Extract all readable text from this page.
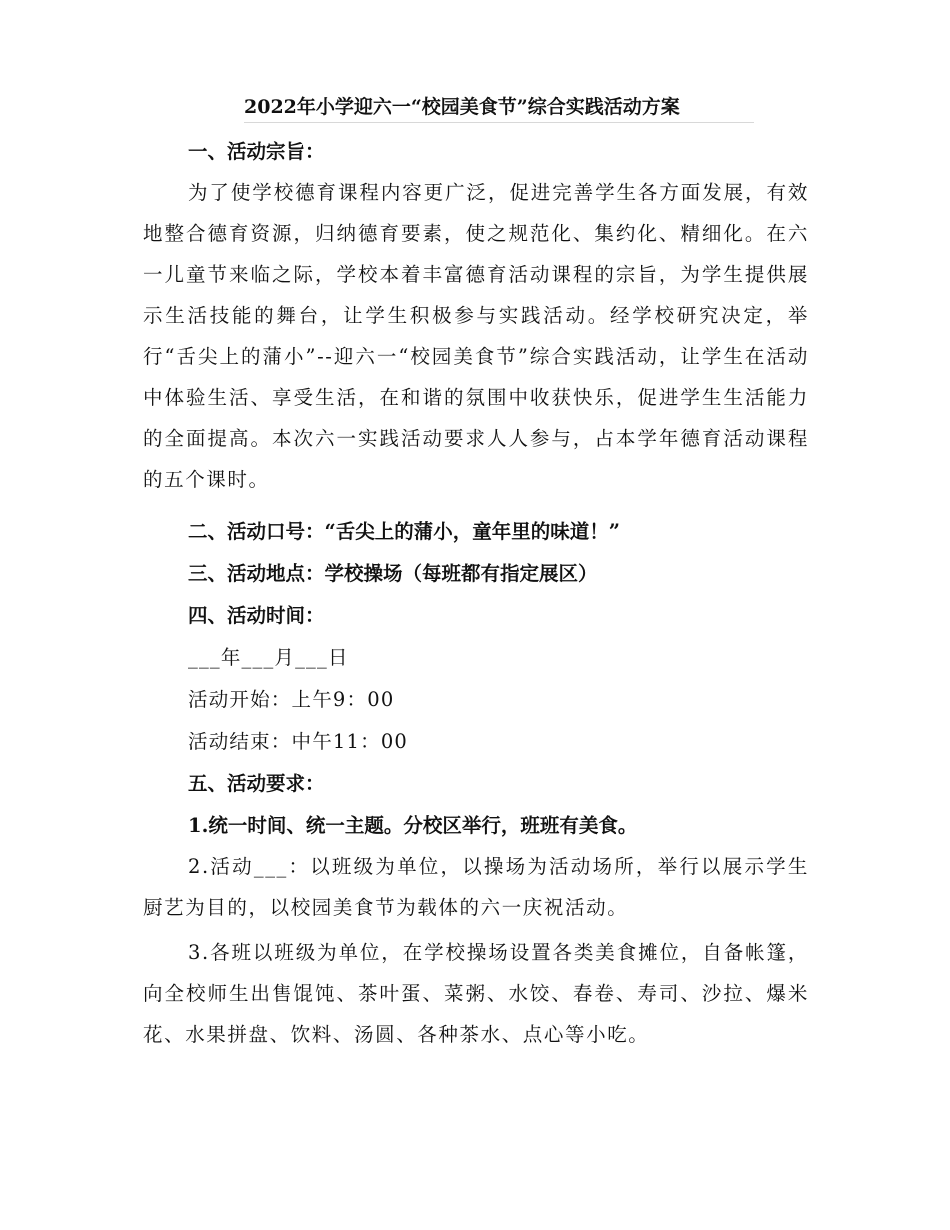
2022年小学迎六一“校园美食节”综合实践活动方案
一、活动宗旨：
为了使学校德育课程内容更广泛，促进完善学生各方面发展，有效地整合德育资源，归纳德育要素，使之规范化、集约化、精细化。在六一儿童节来临之际，学校本着丰富德育活动课程的宗旨，为学生提供展示生活技能的舞台，让学生积极参与实践活动。经学校研究决定，举行“舌尖上的蒲小”--迎六一“校园美食节”综合实践活动，让学生在活动中体验生活、享受生活，在和谐的氛围中收获快乐，促进学生生活能力的全面提高。本次六一实践活动要求人人参与，占本学年德育活动课程的五个课时。
二、活动口号：“舌尖上的蒲小，童年里的味道！”
三、活动地点：学校操场（每班都有指定展区）
四、活动时间：
___年___月___日
活动开始：上午9：00
活动结束：中午11：00
五、活动要求：
1.统一时间、统一主题。分校区举行，班班有美食。
2.活动___：以班级为单位，以操场为活动场所，举行以展示学生厨艺为目的，以校园美食节为载体的六一庆祝活动。
3.各班以班级为单位，在学校操场设置各类美食摊位，自备帐篷，向全校师生出售馄饨、茶叶蛋、菜粥、水饺、春卷、寿司、沙拉、爆米花、水果拼盘、饮料、汤圆、各种茶水、点心等小吃。
